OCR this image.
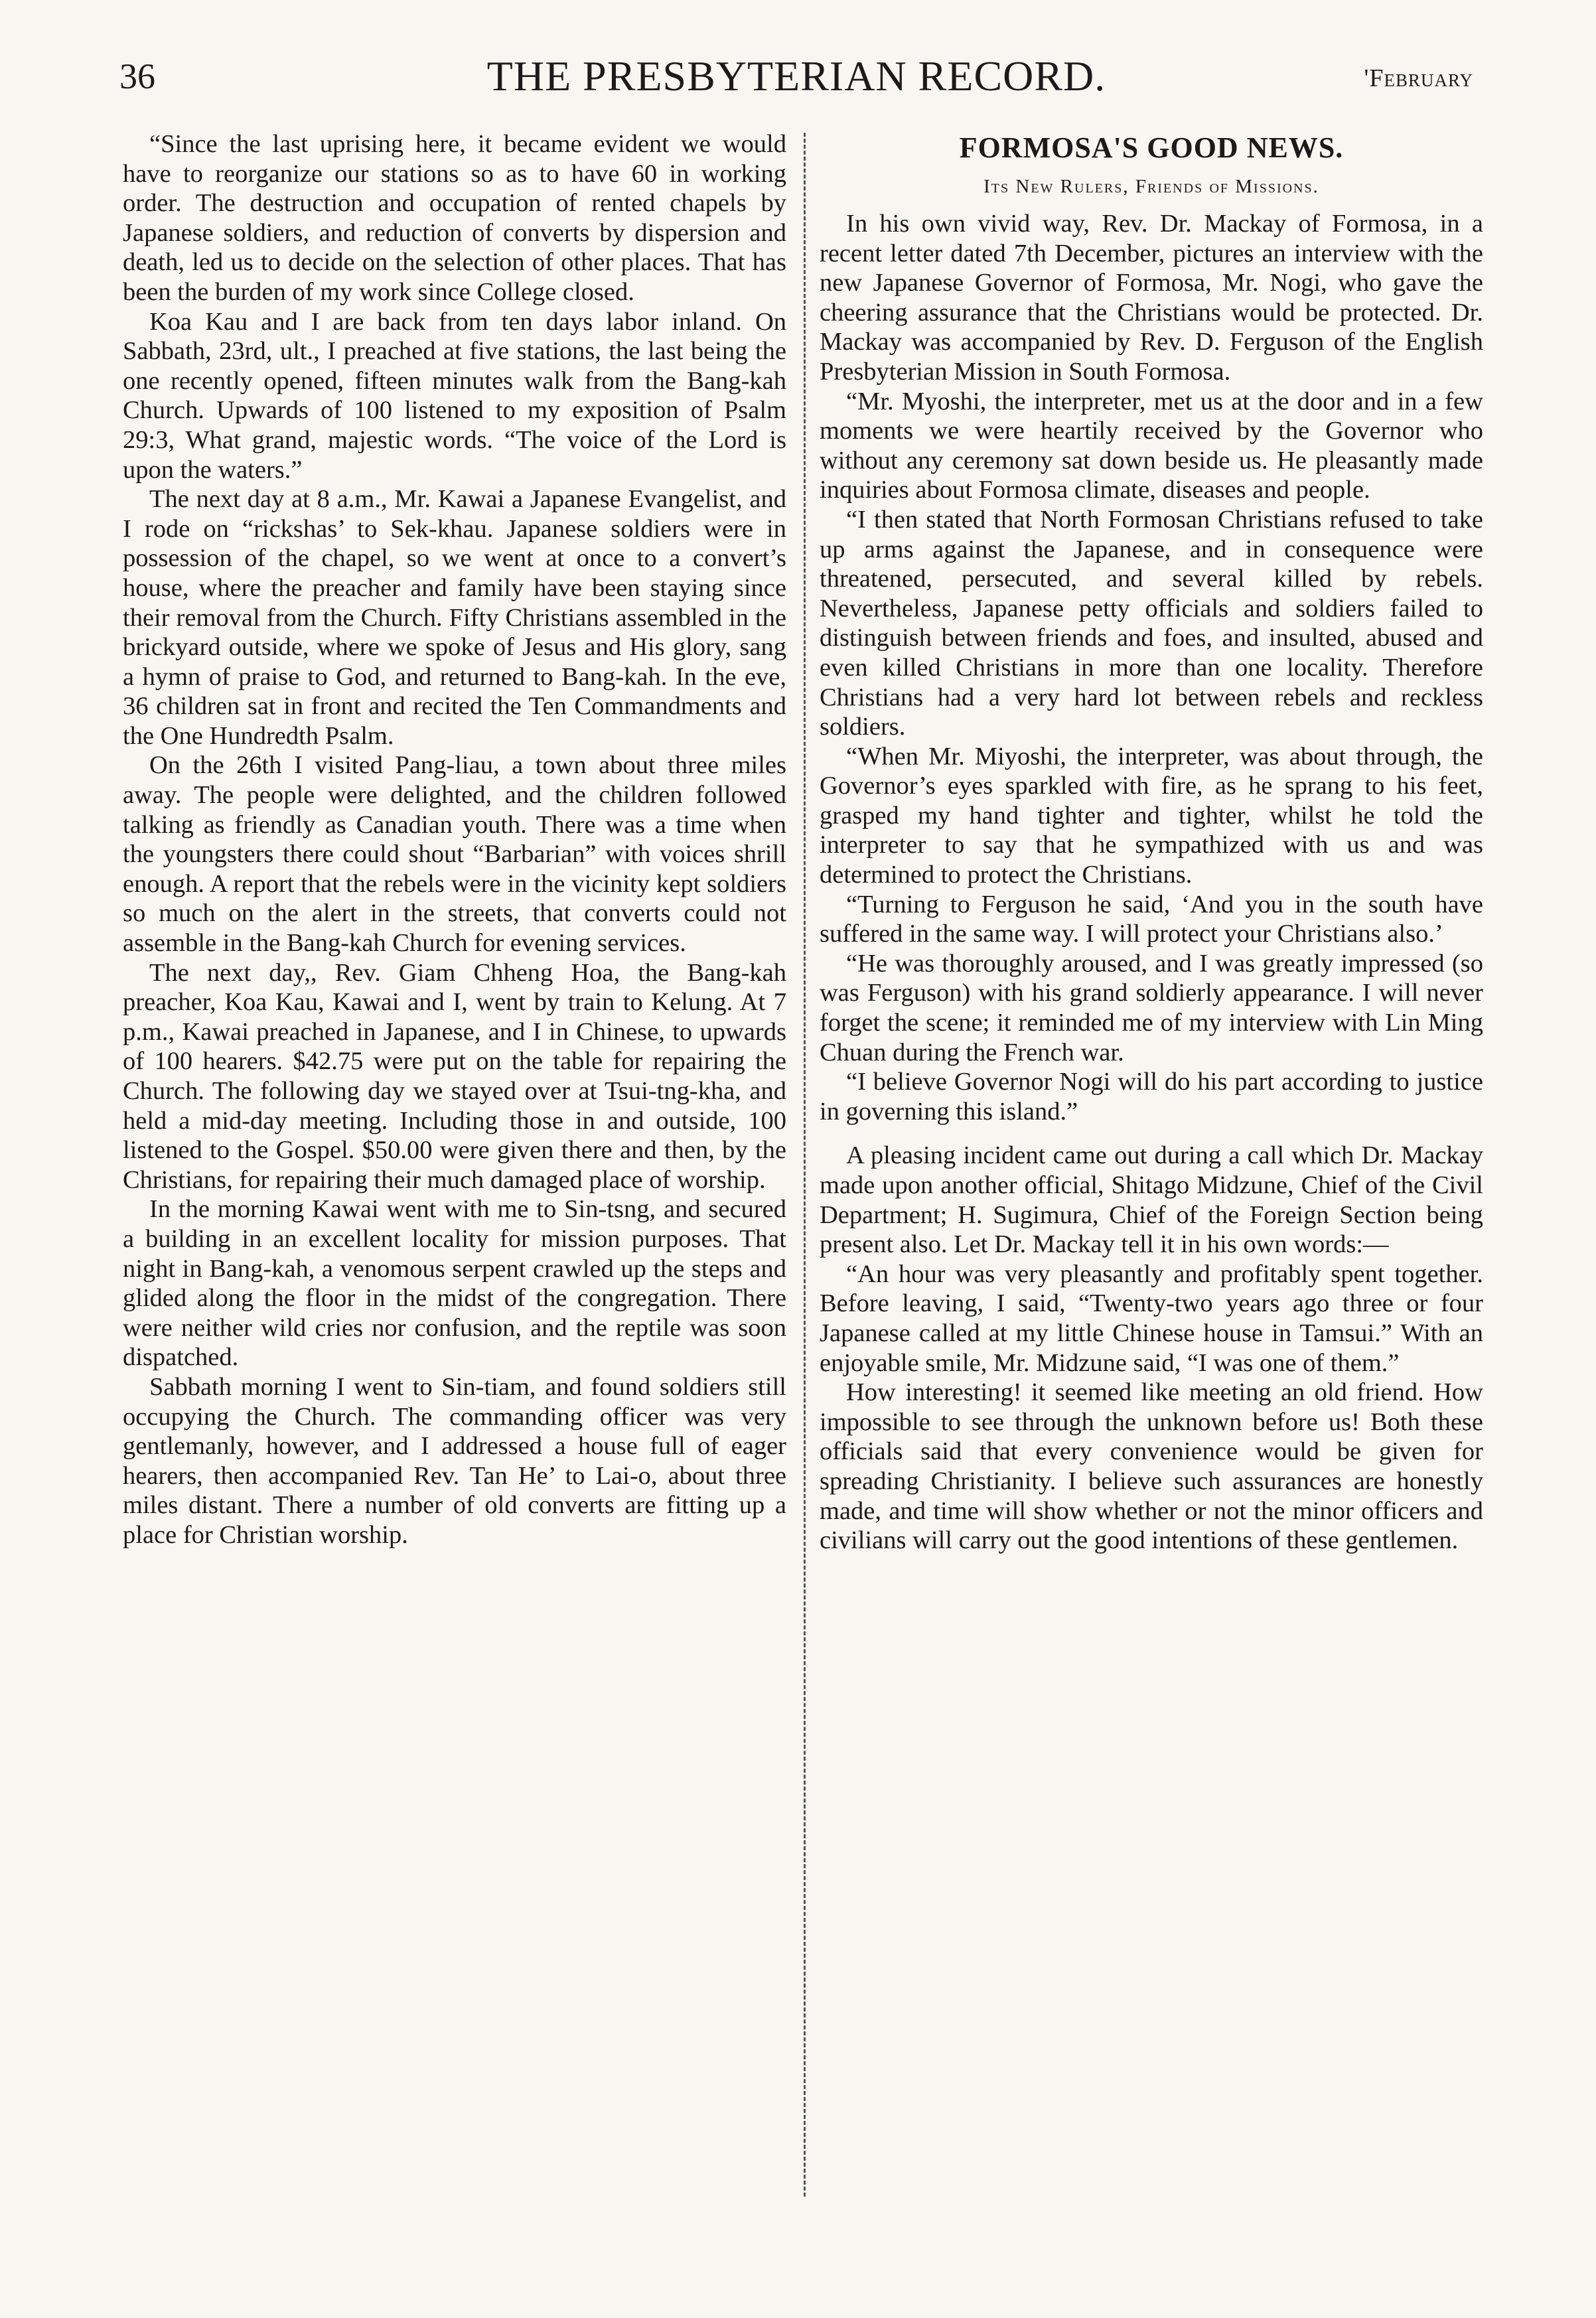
36	THE PRESBYTERIAN RECORD.	'February

“Since the last uprising here, it became evident we would have to reorganize our stations so as to have 60 in working order. The destruction and occupation of rented chapels by Japanese soldiers, and reduction of converts by dispersion and death, led us to decide on the selection of other places. That has been the burden of my work since College closed.

Koa Kau and I are back from ten days labor inland. On Sabbath, 23rd, ult., I preached at five stations, the last being the one recently opened, fifteen minutes walk from the Bang-kah Church. Upwards of 100 listened to my exposition of Psalm 29:3, What grand, majestic words. “The voice of the Lord is upon the waters.”

The next day at 8 a.m., Mr. Kawai a Japanese Evangelist, and I rode on “rickshas’ to Sek-khau. Japanese soldiers were in possession of the chapel, so we went at once to a convert’s house, where the preacher and family have been staying since their removal from the Church. Fifty Christians assembled in the brickyard outside, where we spoke of Jesus and His glory, sang a hymn of praise to God, and returned to Bang-kah. In the eve, 36 children sat in front and recited the Ten Commandments and the One Hundredth Psalm.

On the 26th I visited Pang-liau, a town about three miles away. The people were delighted, and the children followed talking as friendly as Canadian youth. There was a time when the youngsters there could shout “Barbarian” with voices shrill enough. A report that the rebels were in the vicinity kept soldiers so much on the alert in the streets, that converts could not assemble in the Bang-kah Church for evening services.

The next day,, Rev. Giam Chheng Hoa, the Bang-kah preacher, Koa Kau, Kawai and I, went by train to Kelung. At 7 p.m., Kawai preached in Japanese, and I in Chinese, to upwards of 100 hearers. $42.75 were put on the table for repairing the Church. The following day we stayed over at Tsui-tng-kha, and held a mid-day meeting. Including those in and outside, 100 listened to the Gospel. $50.00 were given there and then, by the Christians, for repairing their much damaged place of worship.

In the morning Kawai went with me to Sin-tsng, and secured a building in an excellent locality for mission purposes. That night in Bang-kah, a venomous serpent crawled up the steps and glided along the floor in the midst of the congregation. There were neither wild cries nor confusion, and the reptile was soon dispatched.

Sabbath morning I went to Sin-tiam, and found soldiers still occupying the Church. The commanding officer was very gentlemanly, however, and I addressed a house full of eager hearers, then accompanied Rev. Tan He’ to Lai-o, about three miles distant. There a number of old converts are fitting up a place for Christian worship.

FORMOSA'S GOOD NEWS.
Its New Rulers, Friends of Missions.

In his own vivid way, Rev. Dr. Mackay of Formosa, in a recent letter dated 7th December, pictures an interview with the new Japanese Governor of Formosa, Mr. Nogi, who gave the cheering assurance that the Christians would be protected. Dr. Mackay was accompanied by Rev. D. Ferguson of the English Presbyterian Mission in South Formosa.

“Mr. Myoshi, the interpreter, met us at the door and in a few moments we were heartily received by the Governor who without any ceremony sat down beside us. He pleasantly made inquiries about Formosa climate, diseases and people.

“I then stated that North Formosan Christians refused to take up arms against the Japanese, and in consequence were threatened, persecuted, and several killed by rebels. Nevertheless, Japanese petty officials and soldiers failed to distinguish between friends and foes, and insulted, abused and even killed Christians in more than one locality. Therefore Christians had a very hard lot between rebels and reckless soldiers.

“When Mr. Miyoshi, the interpreter, was about through, the Governor’s eyes sparkled with fire, as he sprang to his feet, grasped my hand tighter and tighter, whilst he told the interpreter to say that he sympathized with us and was determined to protect the Christians.

“Turning to Ferguson he said, ‘And you in the south have suffered in the same way. I will protect your Christians also.’

“He was thoroughly aroused, and I was greatly impressed (so was Ferguson) with his grand soldierly appearance. I will never forget the scene; it reminded me of my interview with Lin Ming Chuan during the French war.

“I believe Governor Nogi will do his part according to justice in governing this island.”

A pleasing incident came out during a call which Dr. Mackay made upon another official, Shitago Midzune, Chief of the Civil Department; H. Sugimura, Chief of the Foreign Section being present also. Let Dr. Mackay tell it in his own words:—

“An hour was very pleasantly and profitably spent together. Before leaving, I said, “Twenty-two years ago three or four Japanese called at my little Chinese house in Tamsui.” With an enjoyable smile, Mr. Midzune said, “I was one of them.”

How interesting! it seemed like meeting an old friend. How impossible to see through the unknown before us! Both these officials said that every convenience would be given for spreading Christianity. I believe such assurances are honestly made, and time will show whether or not the minor officers and civilians will carry out the good intentions of these gentlemen.
